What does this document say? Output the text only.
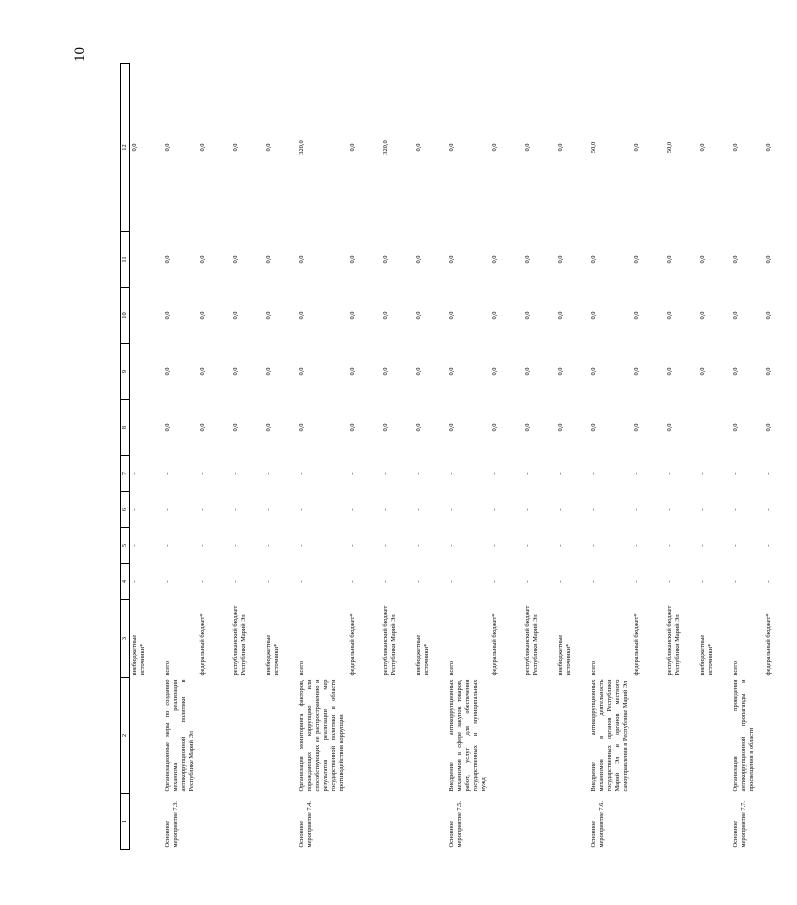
10
1	2	3	4	5	6	7	8	9	10	11	12
		внебюджетные источники*	-	-	-	-					0,0
Основное мероприятие 7.3.	Организационные меры по созданию механизма реализации антикоррупционной политики в Республике Марий Эл	всего	-	-	-	-	0,0	0,0	0,0	0,0	0,0
		федеральный бюджет*	-	-	-	-	0,0	0,0	0,0	0,0	0,0
		республиканский бюджет Республики Марий Эл	-	-	-	-	0,0	0,0	0,0	0,0	0,0
		внебюджетные источники*	-	-	-	-	0,0	0,0	0,0	0,0	0,0
Основное мероприятие 7.4.	Организация мониторинга факторов, порождающих коррупцию или способствующих ее распространению и результатов реализации мер государственной политики в области противодействия коррупции	всего	-	-	-	-	0,0	0,0	0,0	0,0	320,0
		федеральный бюджет*	-	-	-	-	0,0	0,0	0,0	0,0	0,0
		республиканский бюджет Республики Марий Эл	-	-	-	-	0,0	0,0	0,0	0,0	320,0
		внебюджетные источники*	-	-	-	-	0,0	0,0	0,0	0,0	0,0
Основное мероприятие 7.5.	Внедрение антикоррупционных механизмов в сфере закупок товаров, работ, услуг для обеспечения государственных и муниципальных нужд	всего	-	-	-	-	0,0	0,0	0,0	0,0	0,0
		федеральный бюджет*	-	-	-	-	0,0	0,0	0,0	0,0	0,0
		республиканский бюджет Республики Марий Эл	-	-	-	-	0,0	0,0	0,0	0,0	0,0
		внебюджетные источники*	-	-	-	-	0,0	0,0	0,0	0,0	0,0
Основное мероприятие 7.6.	Внедрение антикоррупционных механизмов в деятельность государственных органов Республики Марий Эл и органов местного самоуправления в Республике Марий Эл	всего	-	-	-	-	0,0	0,0	0,0	0,0	50,0
		федеральный бюджет*	-	-	-	-	0,0	0,0	0,0	0,0	0,0
		республиканский бюджет Республики Марий Эл	-	-	-	-	0,0	0,0	0,0	0,0	50,0
		внебюджетные источники*	-	-	-	-		0,0	0,0	0,0	0,0
Основное мероприятие 7.7.	Организация проведения антикоррупционной пропаганды и просвещения в области	всего	-	-	-	-	0,0	0,0	0,0	0,0	0,0
		федеральный бюджет*	-	-	-	-	0,0	0,0	0,0	0,0	0,0
